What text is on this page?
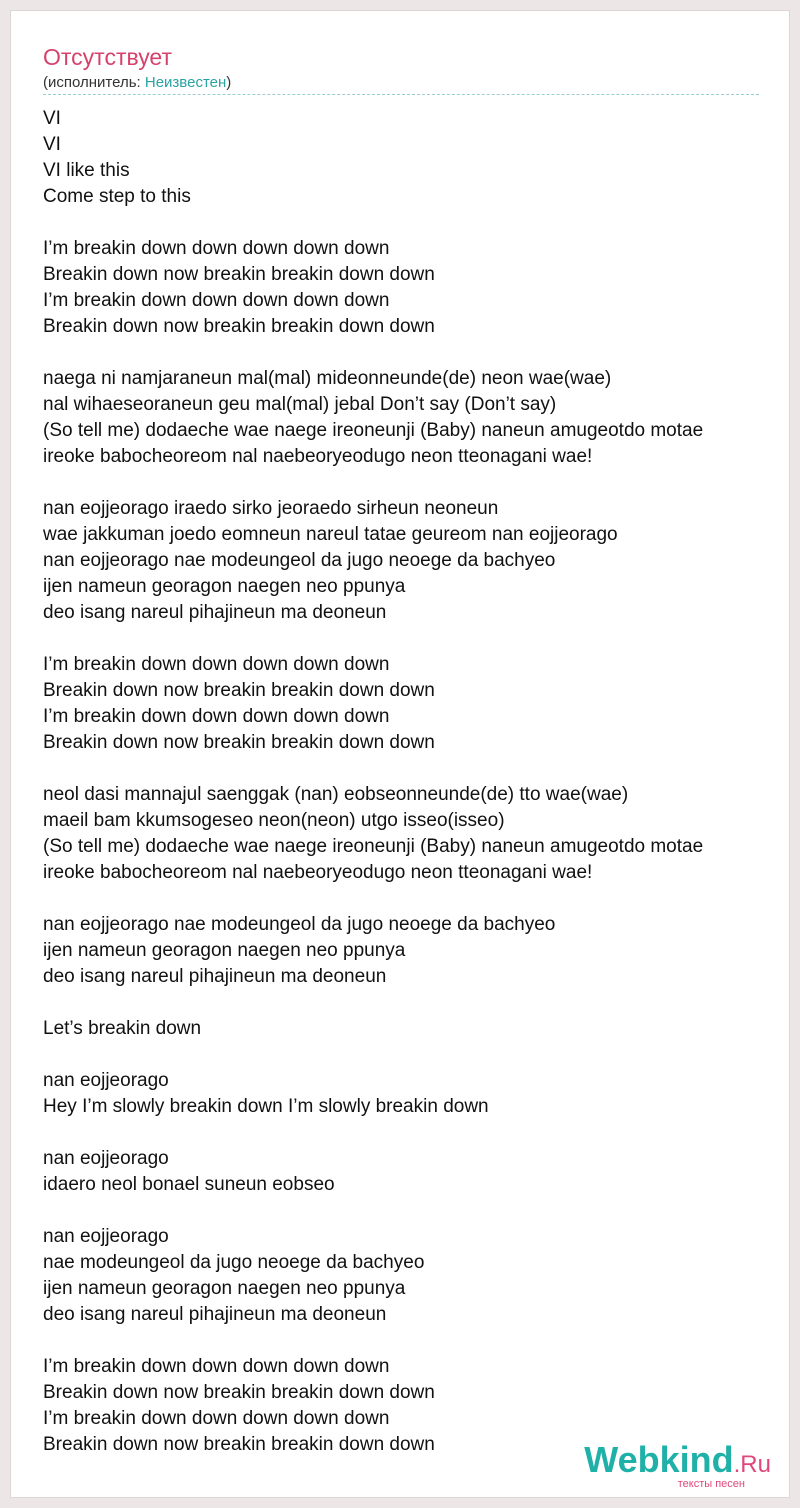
Отсутствует
(исполнитель: Неизвестен)
VI
VI
VI like this
Come step to this
I’m breakin down down down down down
Breakin down now breakin breakin down down
I’m breakin down down down down down
Breakin down now breakin breakin down down
naega ni namjaraneun mal(mal) mideonneunde(de) neon wae(wae)
nal wihaeseoraneun geu mal(mal) jebal Don’t say (Don’t say)
(So tell me) dodaeche wae naege ireoneunji (Baby) naneun amugeotdo motae
ireoke babocheoreom nal naebeoryeodugo neon tteonagani wae!
nan eojjeorago iraedo sirko jeoraedo sirheun neoneun
wae jakkuman joedo eomneun nareul tatae geureom nan eojjeorago
nan eojjeorago nae modeungeol da jugo neoege da bachyeo
ijen nameun georagon naegen neo ppunya
deo isang nareul pihajineun ma deoneun
I’m breakin down down down down down
Breakin down now breakin breakin down down
I’m breakin down down down down down
Breakin down now breakin breakin down down
neol dasi mannajul saenggak (nan) eobseonneunde(de) tto wae(wae)
maeil bam kkumsogeseo neon(neon) utgo isseo(isseo)
(So tell me) dodaeche wae naege ireoneunji (Baby) naneun amugeotdo motae
ireoke babocheoreom nal naebeoryeodugo neon tteonagani wae!
nan eojjeorago nae modeungeol da jugo neoege da bachyeo
ijen nameun georagon naegen neo ppunya
deo isang nareul pihajineun ma deoneun
Let’s breakin down
nan eojjeorago
Hey I’m slowly breakin down I’m slowly breakin down
nan eojjeorago
idaero neol bonael suneun eobseo
nan eojjeorago
nae modeungeol da jugo neoege da bachyeo
ijen nameun georagon naegen neo ppunya
deo isang nareul pihajineun ma deoneun
I’m breakin down down down down down
Breakin down now breakin breakin down down
I’m breakin down down down down down
Breakin down now breakin breakin down down	Webkind.Ru
тексты песен
